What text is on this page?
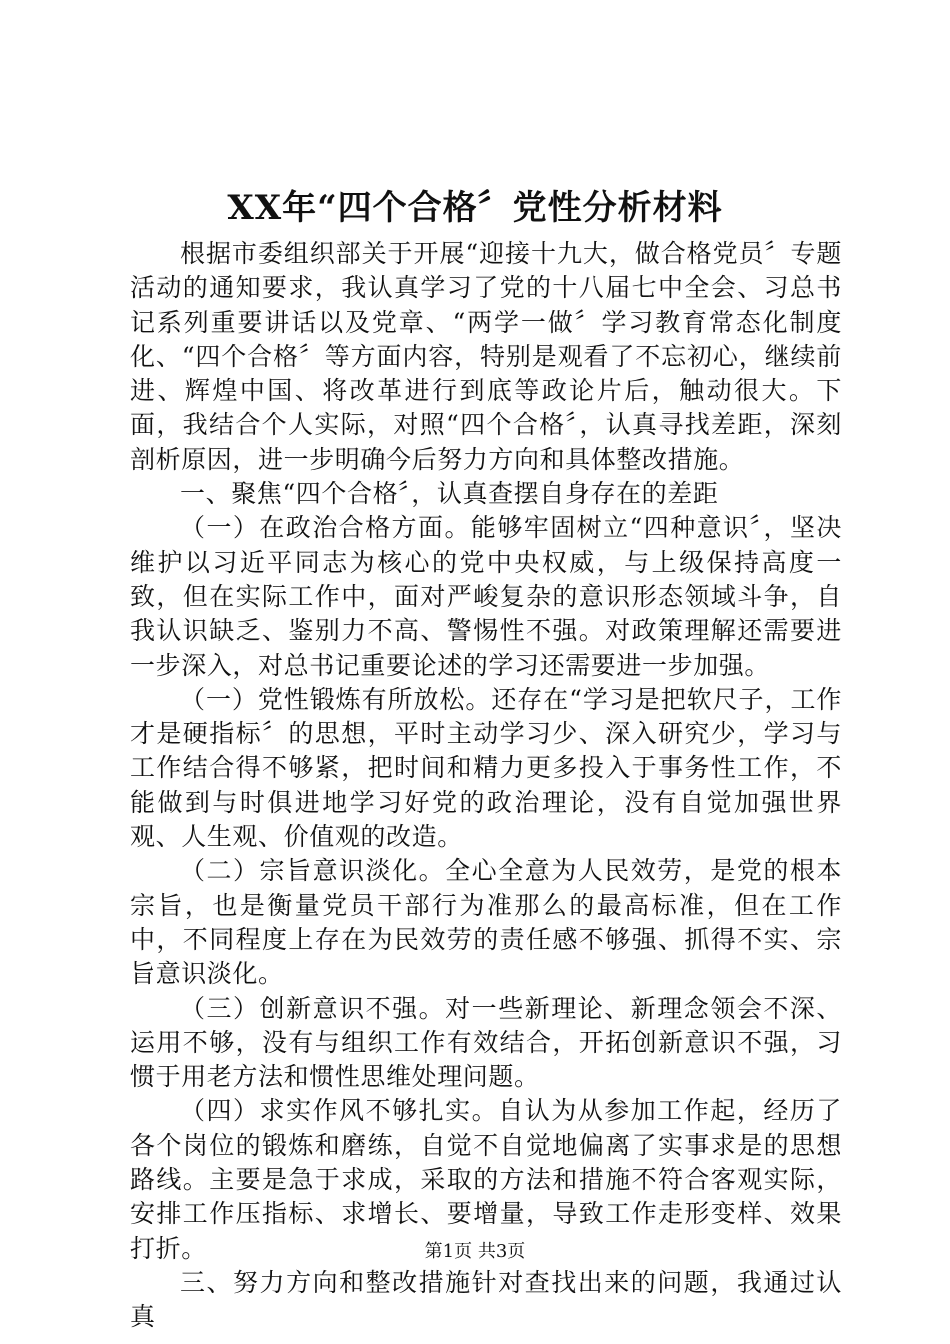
XX年“四个合格〞党性分析材料

根据市委组织部关于开展“迎接十九大，做合格党员〞专题活动的通知要求，我认真学习了党的十八届七中全会、习总书记系列重要讲话以及党章、“两学一做〞学习教育常态化制度化、“四个合格〞等方面内容，特别是观看了不忘初心，继续前进、辉煌中国、将改革进行到底等政论片后，触动很大。下面，我结合个人实际，对照“四个合格〞，认真寻找差距，深刻剖析原因，进一步明确今后努力方向和具体整改措施。

一、聚焦“四个合格〞，认真查摆自身存在的差距

（一）在政治合格方面。能够牢固树立“四种意识〞，坚决维护以习近平同志为核心的党中央权威，与上级保持高度一致，但在实际工作中，面对严峻复杂的意识形态领域斗争，自我认识缺乏、鉴别力不高、警惕性不强。对政策理解还需要进一步深入，对总书记重要论述的学习还需要进一步加强。

（一）党性锻炼有所放松。还存在“学习是把软尺子，工作才是硬指标〞的思想，平时主动学习少、深入研究少，学习与工作结合得不够紧，把时间和精力更多投入于事务性工作，不能做到与时俱进地学习好党的政治理论，没有自觉加强世界观、人生观、价值观的改造。

（二）宗旨意识淡化。全心全意为人民效劳，是党的根本宗旨，也是衡量党员干部行为准那么的最高标准，但在工作中，不同程度上存在为民效劳的责任感不够强、抓得不实、宗旨意识淡化。

（三）创新意识不强。对一些新理论、新理念领会不深、运用不够，没有与组织工作有效结合，开拓创新意识不强，习惯于用老方法和惯性思维处理问题。

（四）求实作风不够扎实。自认为从参加工作起，经历了各个岗位的锻炼和磨练，自觉不自觉地偏离了实事求是的思想路线。主要是急于求成，采取的方法和措施不符合客观实际，安排工作压指标、求增长、要增量，导致工作走形变样、效果打折。

三、努力方向和整改措施针对查找出来的问题，我通过认真

第1页 共3页
